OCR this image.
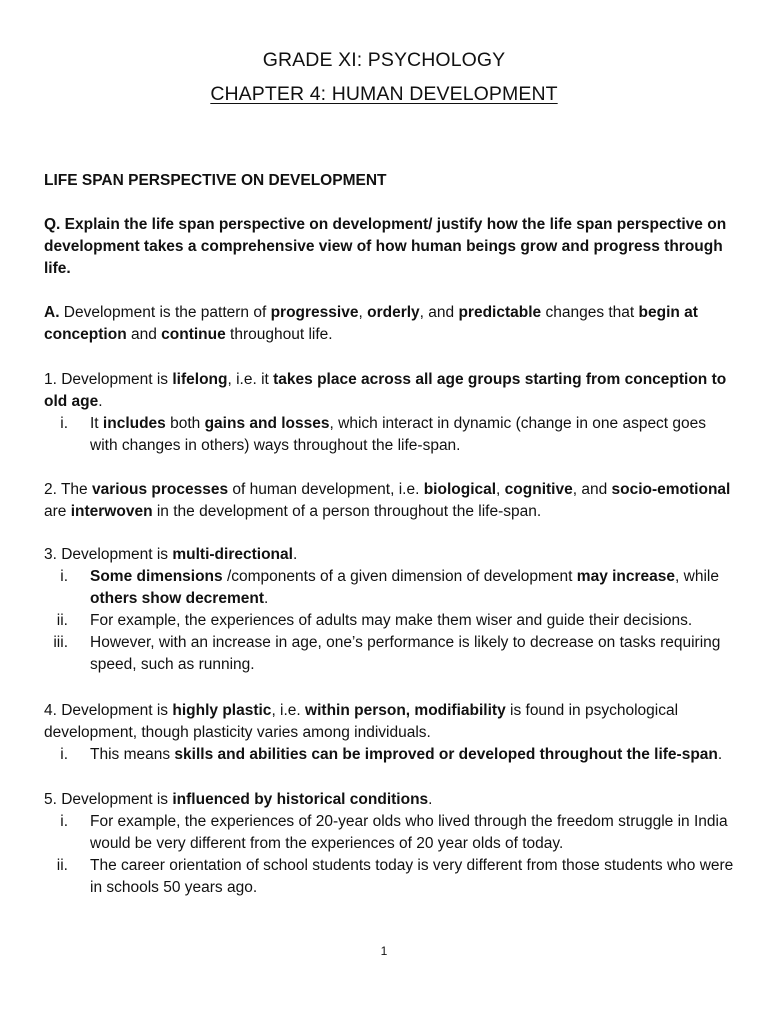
GRADE XI: PSYCHOLOGY
CHAPTER 4: HUMAN DEVELOPMENT
LIFE SPAN PERSPECTIVE ON DEVELOPMENT
Q. Explain the life span perspective on development/ justify how the life span perspective on development takes a comprehensive view of how human beings grow and progress through life.
A. Development is the pattern of progressive, orderly, and predictable changes that begin at conception and continue throughout life.
1. Development is lifelong, i.e. it takes place across all age groups starting from conception to old age.
i. It includes both gains and losses, which interact in dynamic (change in one aspect goes with changes in others) ways throughout the life-span.
2. The various processes of human development, i.e. biological, cognitive, and socio-emotional are interwoven in the development of a person throughout the life-span.
3. Development is multi-directional.
i. Some dimensions /components of a given dimension of development may increase, while others show decrement.
ii. For example, the experiences of adults may make them wiser and guide their decisions.
iii. However, with an increase in age, one’s performance is likely to decrease on tasks requiring speed, such as running.
4. Development is highly plastic, i.e. within person, modifiability is found in psychological development, though plasticity varies among individuals.
i. This means skills and abilities can be improved or developed throughout the life-span.
5. Development is influenced by historical conditions.
i. For example, the experiences of 20-year olds who lived through the freedom struggle in India would be very different from the experiences of 20 year olds of today.
ii. The career orientation of school students today is very different from those students who were in schools 50 years ago.
1
